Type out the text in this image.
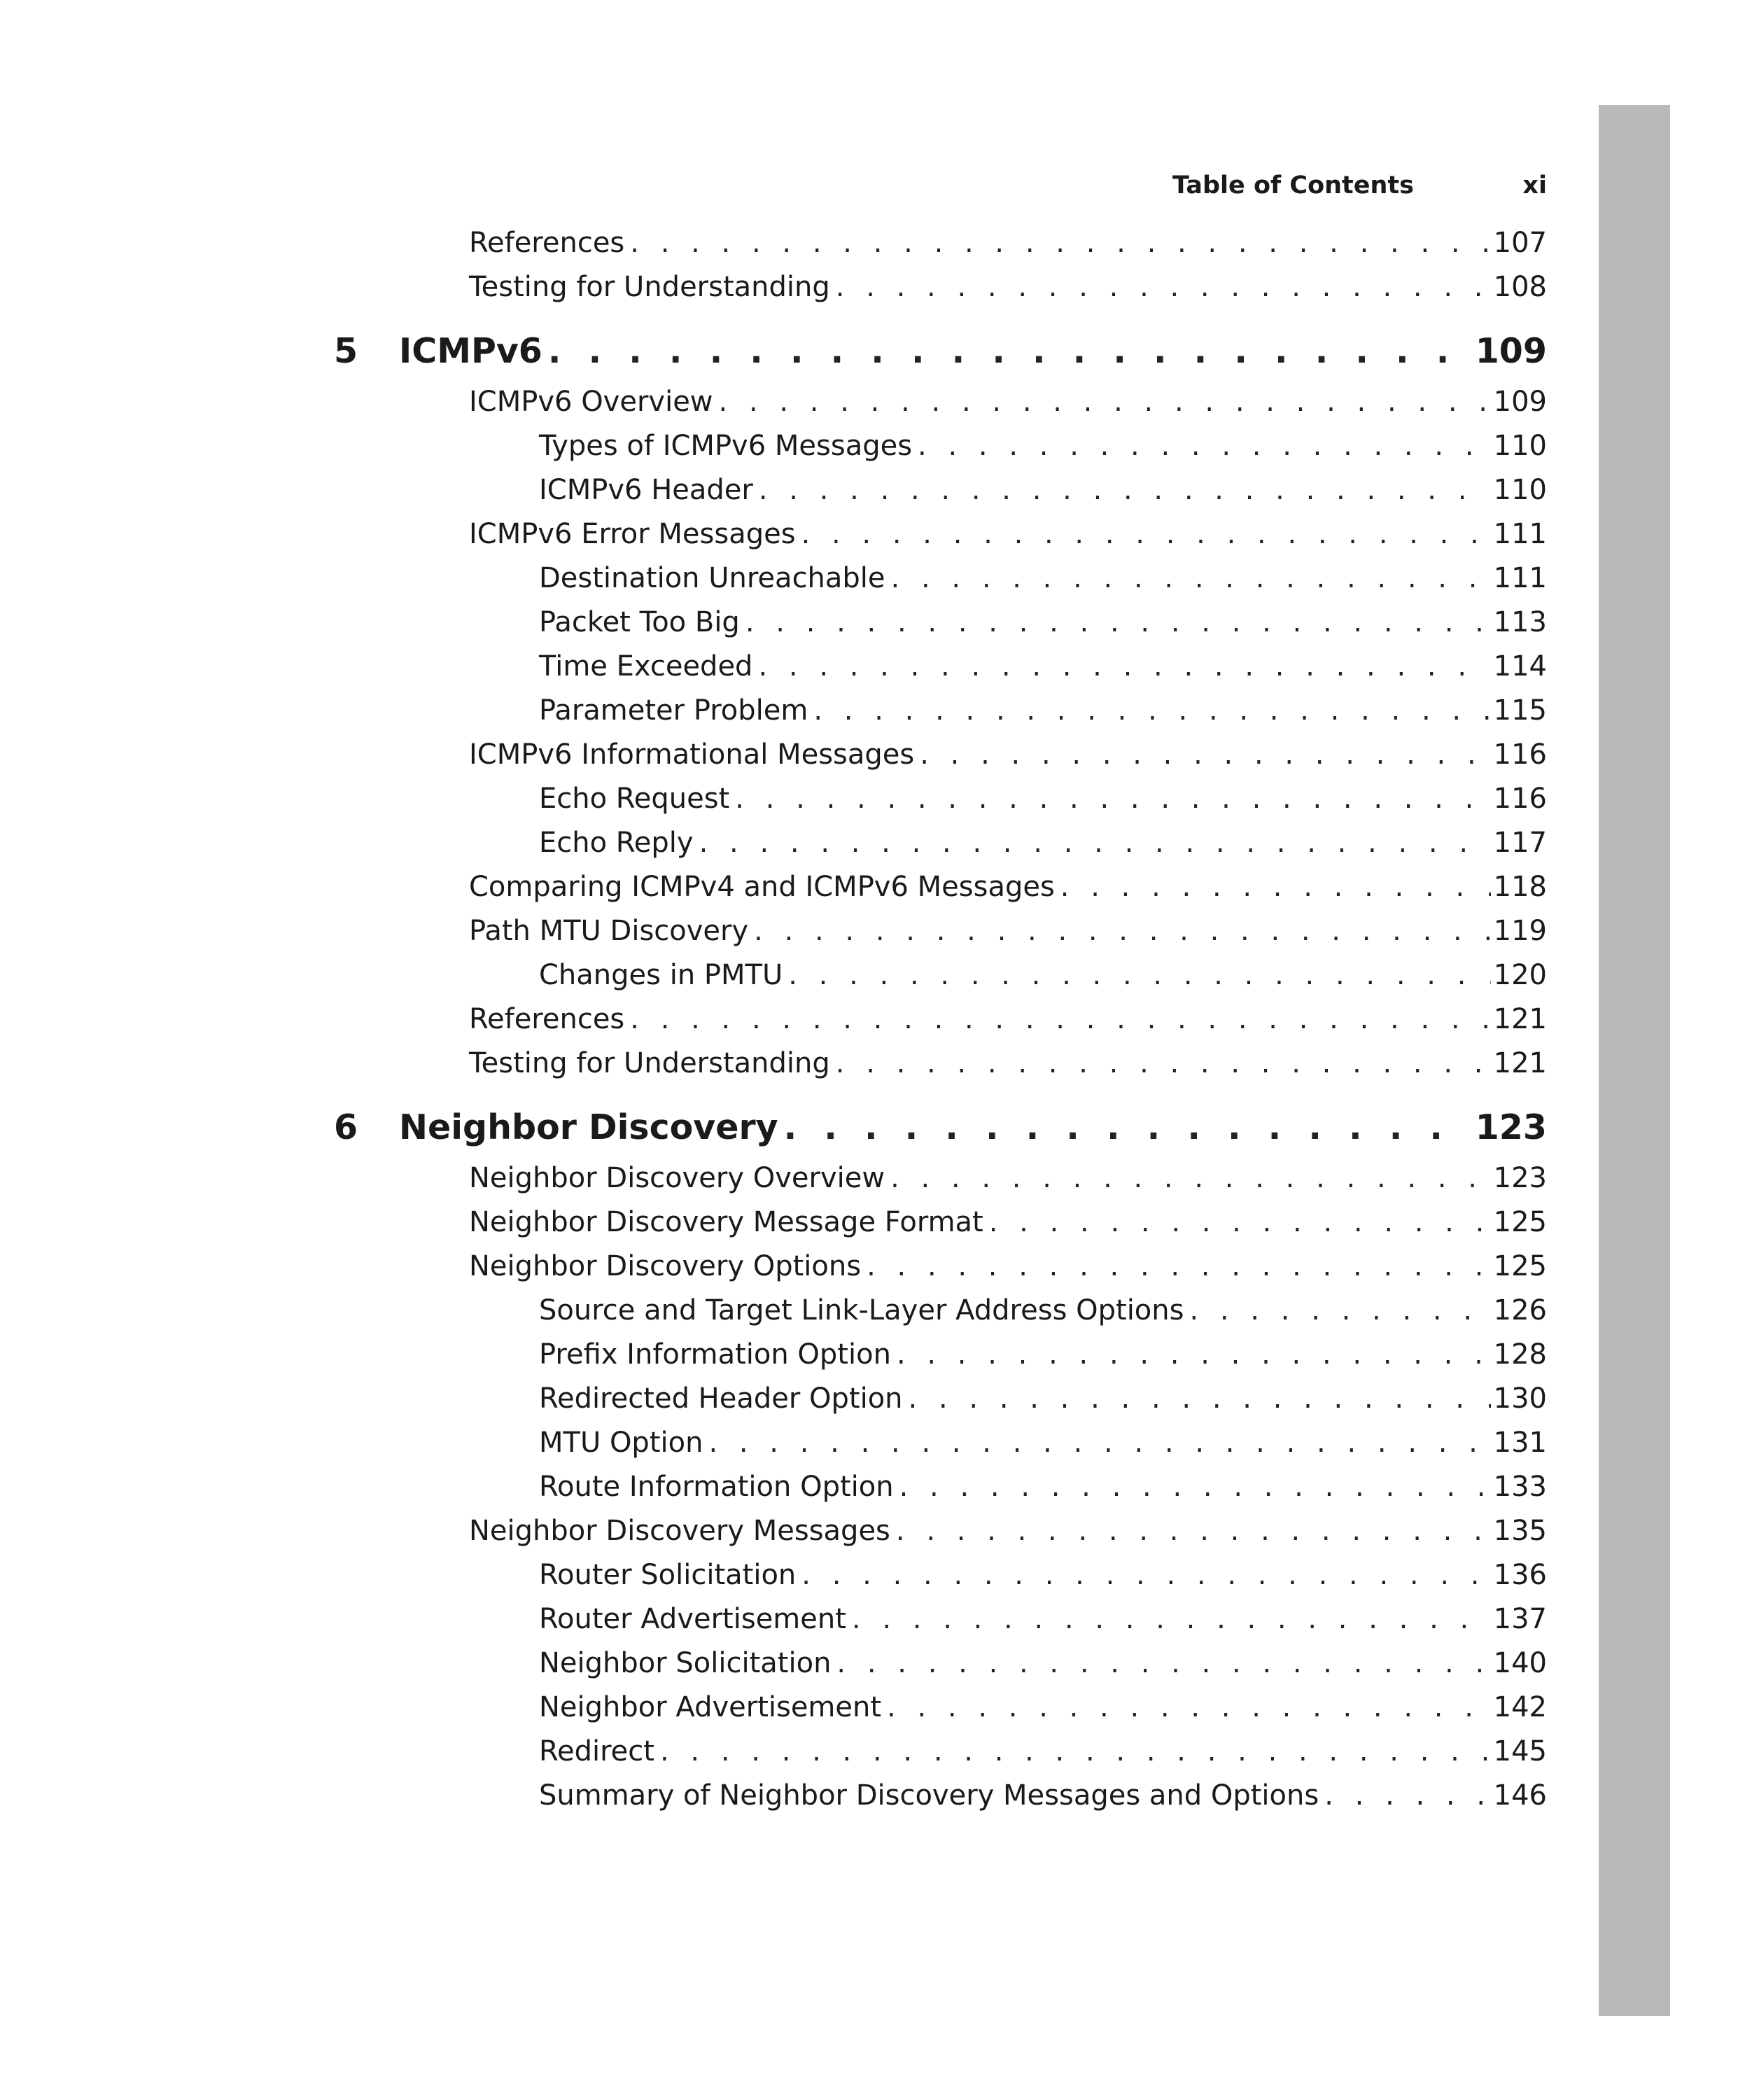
Table of Contents	xi
References . . .	107
Testing for Understanding . . .	108
5 ICMPv6 . . .	109
ICMPv6 Overview . . .	109
Types of ICMPv6 Messages . . .	110
ICMPv6 Header . . .	110
ICMPv6 Error Messages . . .	111
Destination Unreachable . . .	111
Packet Too Big . . .	113
Time Exceeded . . .	114
Parameter Problem . . .	115
ICMPv6 Informational Messages . . .	116
Echo Request . . .	116
Echo Reply . . .	117
Comparing ICMPv4 and ICMPv6 Messages . . .	118
Path MTU Discovery . . .	119
Changes in PMTU . . .	120
References . . .	121
Testing for Understanding . . .	121
6 Neighbor Discovery . . .	123
Neighbor Discovery Overview . . .	123
Neighbor Discovery Message Format . . .	125
Neighbor Discovery Options . . .	125
Source and Target Link-Layer Address Options . . .	126
Prefix Information Option . . .	128
Redirected Header Option . . .	130
MTU Option . . .	131
Route Information Option . . .	133
Neighbor Discovery Messages . . .	135
Router Solicitation . . .	136
Router Advertisement . . .	137
Neighbor Solicitation . . .	140
Neighbor Advertisement . . .	142
Redirect . . .	145
Summary of Neighbor Discovery Messages and Options . . .	146
